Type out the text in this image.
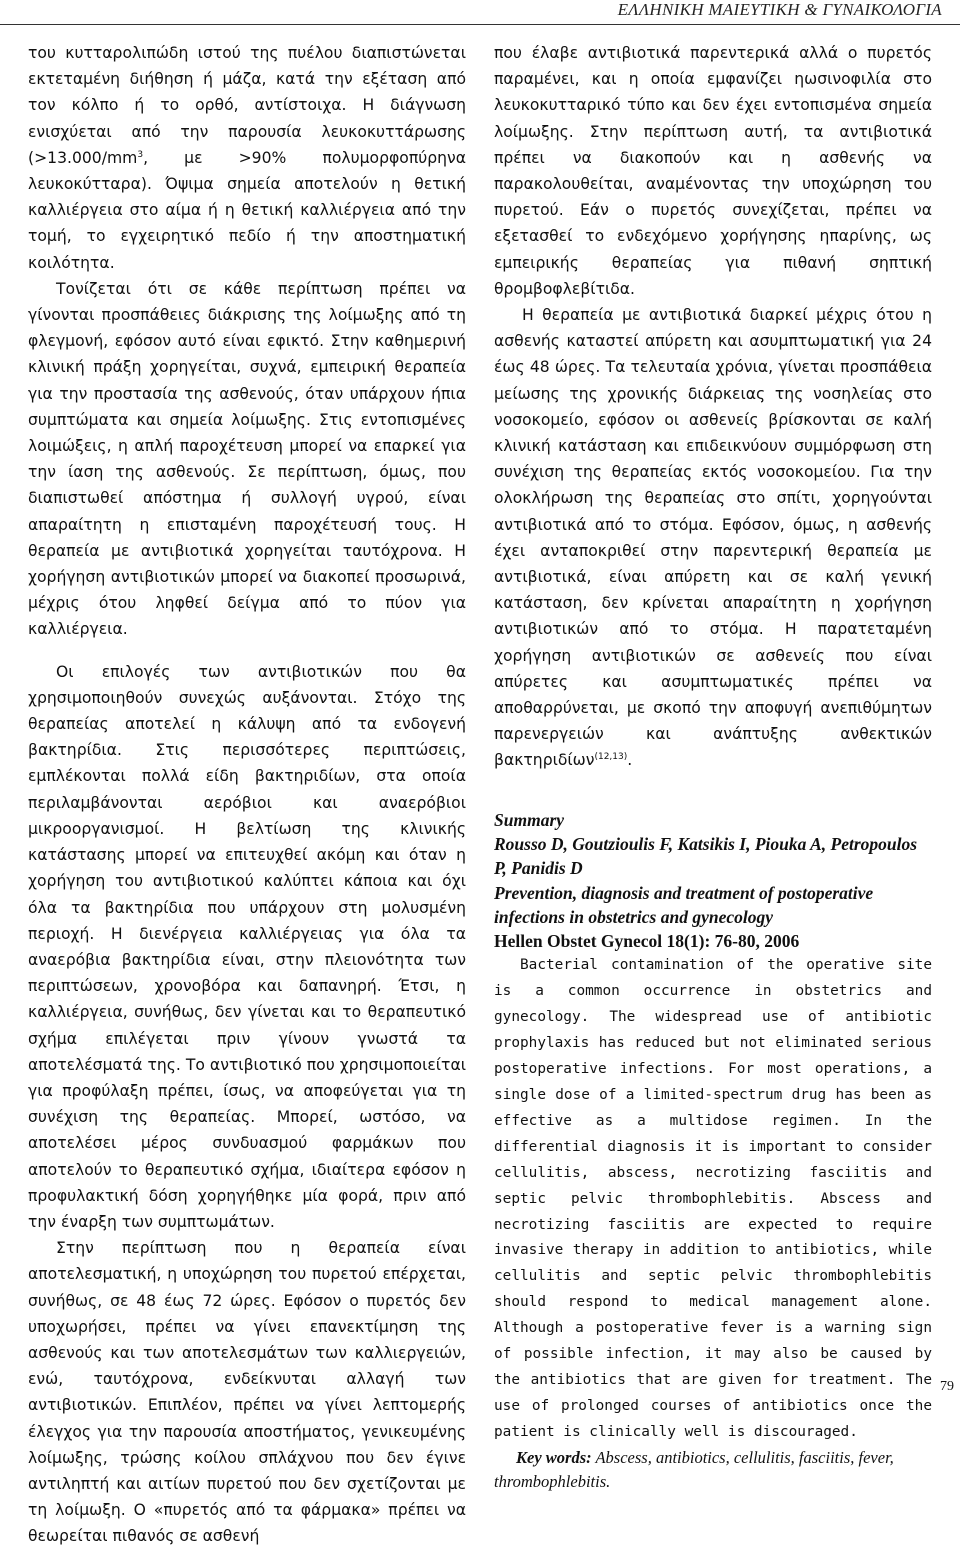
ΕΛΛΗΝΙΚΗ ΜΑΙΕΥΤΙΚΗ & ΓΥΝΑΙΚΟΛΟΓΙΑ

του κυτταρολιπώδη ιστού της πυέλου διαπιστώνεται εκτεταμένη διήθηση ή μάζα, κατά την εξέταση από τον κόλπο ή το ορθό, αντίστοιχα. Η διάγνωση ενισχύεται από την παρουσία λευκοκυττάρωσης ($>13.000/mm^3$, με >90% πολυμορφοπύρηνα λευκοκύτταρα). Όψιμα σημεία αποτελούν η θετική καλλιέργεια στο αίμα ή η θετική καλλιέργεια από την τομή, το εγχειρητικό πεδίο ή την αποστηματική κοιλότητα.

Τονίζεται ότι σε κάθε περίπτωση πρέπει να γίνονται προσπάθειες διάκρισης της λοίμωξης από τη φλεγμονή, εφόσον αυτό είναι εφικτό. Στην καθημερινή κλινική πράξη χορηγείται, συχνά, εμπειρική θεραπεία για την προστασία της ασθενούς, όταν υπάρχουν ήπια συμπτώματα και σημεία λοίμωξης. Στις εντοπισμένες λοιμώξεις, η απλή παροχέτευση μπορεί να επαρκεί για την ίαση της ασθενούς. Σε περίπτωση, όμως, που διαπιστωθεί απόστημα ή συλλογή υγρού, είναι απαραίτητη η επισταμένη παροχέτευσή τους. Η θεραπεία με αντιβιοτικά χορηγείται ταυτόχρονα. Η χορήγηση αντιβιοτικών μπορεί να διακοπεί προσωρινά, μέχρις ότου ληφθεί δείγμα από το πύον για καλλιέργεια.

Οι επιλογές των αντιβιοτικών που θα χρησιμοποιηθούν συνεχώς αυξάνονται. Στόχο της θεραπείας αποτελεί η κάλυψη από τα ενδογενή βακτηρίδια. Στις περισσότερες περιπτώσεις, εμπλέκονται πολλά είδη βακτηριδίων, στα οποία περιλαμβάνονται αερόβιοι και αναερόβιοι μικροοργανισμοί. Η βελτίωση της κλινικής κατάστασης μπορεί να επιτευχθεί ακόμη και όταν η χορήγηση του αντιβιοτικού καλύπτει κάποια και όχι όλα τα βακτηρίδια που υπάρχουν στη μολυσμένη περιοχή. Η διενέργεια καλλιέργειας για όλα τα αναερόβια βακτηρίδια είναι, στην πλειονότητα των περιπτώσεων, χρονοβόρα και δαπανηρή. Έτσι, η καλλιέργεια, συνήθως, δεν γίνεται και το θεραπευτικό σχήμα επιλέγεται πριν γίνουν γνωστά τα αποτελέσματά της. Το αντιβιοτικό που χρησιμοποιείται για προφύλαξη πρέπει, ίσως, να αποφεύγεται για τη συνέχιση της θεραπείας. Μπορεί, ωστόσο, να αποτελέσει μέρος συνδυασμού φαρμάκων που αποτελούν το θεραπευτικό σχήμα, ιδιαίτερα εφόσον η προφυλακτική δόση χορηγήθηκε μία φορά, πριν από την έναρξη των συμπτωμάτων.

Στην περίπτωση που η θεραπεία είναι αποτελεσματική, η υποχώρηση του πυρετού επέρχεται, συνήθως, σε 48 έως 72 ώρες. Εφόσον ο πυρετός δεν υποχωρήσει, πρέπει να γίνει επανεκτίμηση της ασθενούς και των αποτελεσμάτων των καλλιεργειών, ενώ, ταυτόχρονα, ενδείκνυται αλλαγή των αντιβιοτικών. Επιπλέον, πρέπει να γίνει λεπτομερής έλεγχος για την παρουσία αποστήματος, γενικευμένης λοίμωξης, τρώσης κοίλου σπλάχνου που δεν έγινε αντιληπτή και αιτίων πυρετού που δεν σχετίζονται με τη λοίμωξη. Ο «πυρετός από τα φάρμακα» πρέπει να θεωρείται πιθανός σε ασθενή

που έλαβε αντιβιοτικά παρεντερικά αλλά ο πυρετός παραμένει, και η οποία εμφανίζει ηωσινοφιλία στο λευκοκυτταρικό τύπο και δεν έχει εντοπισμένα σημεία λοίμωξης. Στην περίπτωση αυτή, τα αντιβιοτικά πρέπει να διακοπούν και η ασθενής να παρακολουθείται, αναμένοντας την υποχώρηση του πυρετού. Εάν ο πυρετός συνεχίζεται, πρέπει να εξετασθεί το ενδεχόμενο χορήγησης ηπαρίνης, ως εμπειρικής θεραπείας για πιθανή σηπτική θρομβοφλεβίτιδα.

Η θεραπεία με αντιβιοτικά διαρκεί μέχρις ότου η ασθενής καταστεί απύρετη και ασυμπτωματική για 24 έως 48 ώρες. Τα τελευταία χρόνια, γίνεται προσπάθεια μείωσης της χρονικής διάρκειας της νοσηλείας στο νοσοκομείο, εφόσον οι ασθενείς βρίσκονται σε καλή κλινική κατάσταση και επιδεικνύουν συμμόρφωση στη συνέχιση της θεραπείας εκτός νοσοκομείου. Για την ολοκλήρωση της θεραπείας στο σπίτι, χορηγούνται αντιβιοτικά από το στόμα. Εφόσον, όμως, η ασθενής έχει ανταποκριθεί στην παρεντερική θεραπεία με αντιβιοτικά, είναι απύρετη και σε καλή γενική κατάσταση, δεν κρίνεται απαραίτητη η χορήγηση αντιβιοτικών από το στόμα. Η παρατεταμένη χορήγηση αντιβιοτικών σε ασθενείς που είναι απύρετες και ασυμπτωματικές πρέπει να αποθαρρύνεται, με σκοπό την αποφυγή ανεπιθύμητων παρενεργειών και ανάπτυξης ανθεκτικών βακτηριδίων$^{(12,13)}$.

Summary
Rousso D, Goutzioulis F, Katsikis I, Piouka A, Petropoulos P, Panidis D
Prevention, diagnosis and treatment of postoperative infections in obstetrics and gynecology
Hellen Obstet Gynecol 18(1): 76-80, 2006

Bacterial contamination of the operative site is a common occurrence in obstetrics and gynecology. The widespread use of antibiotic prophylaxis has reduced but not eliminated serious postoperative infections. For most operations, a single dose of a limited-spectrum drug has been as effective as a multidose regimen. In the differential diagnosis it is important to consider cellulitis, abscess, necrotizing fasciitis and septic pelvic thrombophlebitis. Abscess and necrotizing fasciitis are expected to require invasive therapy in addition to antibiotics, while cellulitis and septic pelvic thrombophlebitis should respond to medical management alone. Although a postoperative fever is a warning sign of possible infection, it may also be caused by the antibiotics that are given for treatment. The use of prolonged courses of antibiotics once the patient is clinically well is discouraged.

Key words: Abscess, antibiotics, cellulitis, fasciitis, fever, thrombophlebitis.

79
